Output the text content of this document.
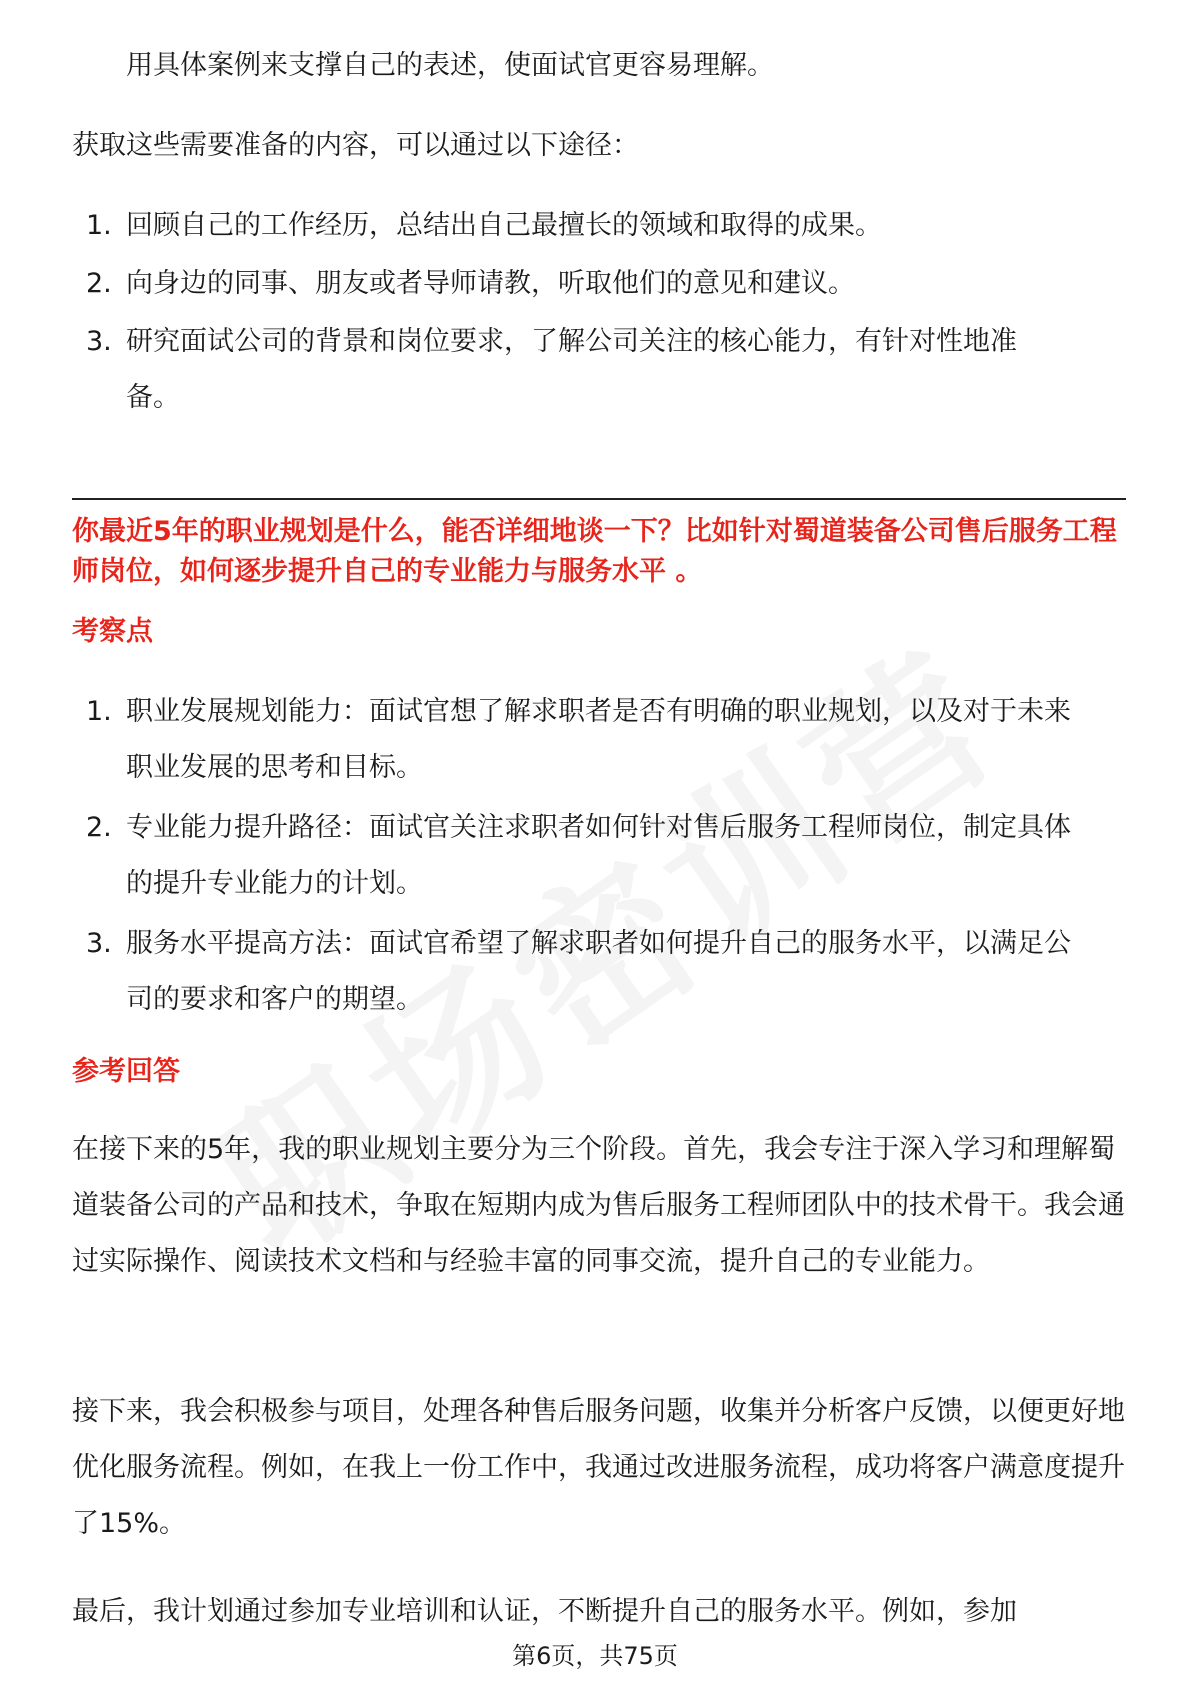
用具体案例来支撑自己的表述，使面试官更容易理解。

获取这些需要准备的内容，可以通过以下途径：

1. 回顾自己的工作经历，总结出自己最擅长的领域和取得的成果。
2. 向身边的同事、朋友或者导师请教，听取他们的意见和建议。
3. 研究面试公司的背景和岗位要求，了解公司关注的核心能力，有针对性地准备。

你最近5年的职业规划是什么，能否详细地谈一下？比如针对蜀道装备公司售后服务工程师岗位，如何逐步提升自己的专业能力与服务水平 。

考察点

1. 职业发展规划能力：面试官想了解求职者是否有明确的职业规划，以及对于未来职业发展的思考和目标。
2. 专业能力提升路径：面试官关注求职者如何针对售后服务工程师岗位，制定具体的提升专业能力的计划。
3. 服务水平提高方法：面试官希望了解求职者如何提升自己的服务水平，以满足公司的要求和客户的期望。

参考回答

在接下来的5年，我的职业规划主要分为三个阶段。首先，我会专注于深入学习和理解蜀道装备公司的产品和技术，争取在短期内成为售后服务工程师团队中的技术骨干。我会通过实际操作、阅读技术文档和与经验丰富的同事交流，提升自己的专业能力。

接下来，我会积极参与项目，处理各种售后服务问题，收集并分析客户反馈，以便更好地优化服务流程。例如，在我上一份工作中，我通过改进服务流程，成功将客户满意度提升了15%。

最后，我计划通过参加专业培训和认证，不断提升自己的服务水平。例如，参加

第6页，共75页
